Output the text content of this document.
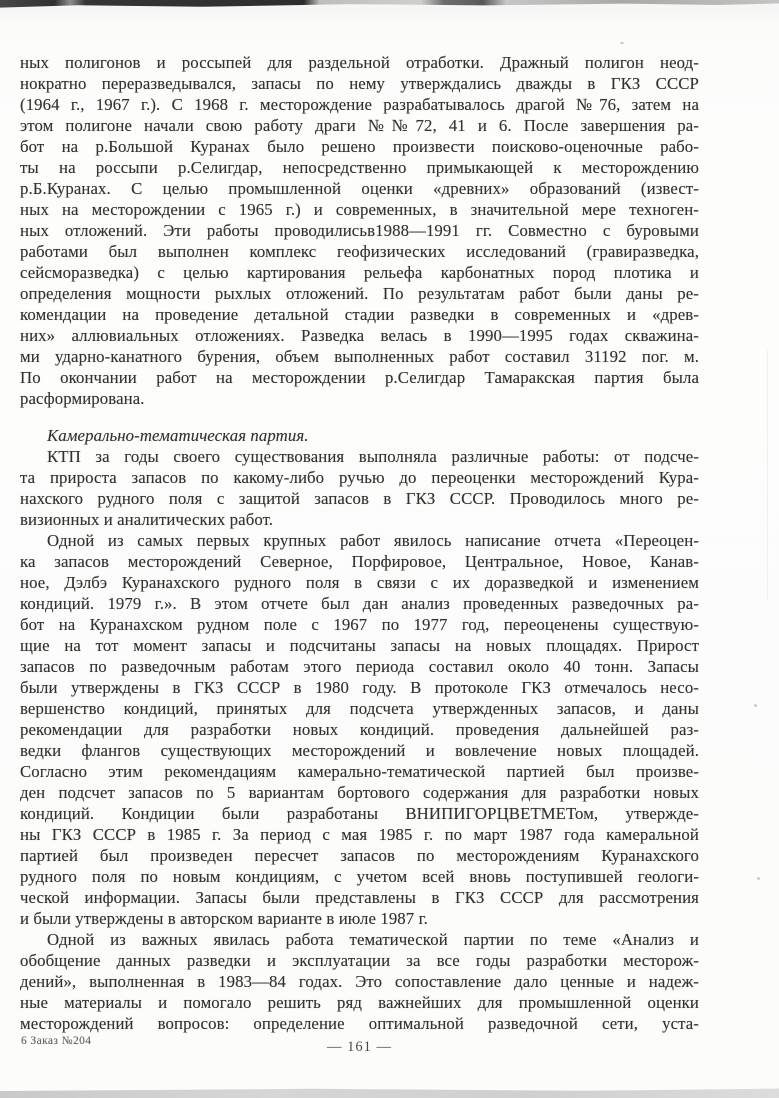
ных полигонов и россыпей для раздельной отработки. Дражный полигон неод-
нократно переразведывался, запасы по нему утверждались дважды в ГКЗ СССР
(1964 г., 1967 г.). С 1968 г. месторождение разрабатывалось драгой №76, затем на
этом полигоне начали свою работу драги №№72, 41 и 6. После завершения ра-
бот на р.Большой Куранах было решено произвести поисково-оценочные рабо-
ты на россыпи р.Селигдар, непосредственно примыкающей к месторождению
р.Б.Куранах. С целью промышленной оценки «древних» образований (извест-
ных на месторождении с 1965 г.) и современных, в значительной мере техноген-
ных отложений. Эти работы проводилисьв1988—1991 гг. Совместно с буровыми
работами был выполнен комплекс геофизических исследований (гравиразведка,
сейсморазведка) с целью картирования рельефа карбонатных пород плотика и
определения мощности рыхлых отложений. По результатам работ были даны ре-
комендации на проведение детальной стадии разведки в современных и «древ-
них» аллювиальных отложениях. Разведка велась в 1990—1995 годах скважина-
ми ударно-канатного бурения, объем выполненных работ составил 31192 пог. м.
По окончании работ на месторождении р.Селигдар Тамаракская партия была
расформирована.
Камерально-тематическая партия.
КТП за годы своего существования выполняла различные работы: от подсче-
та прироста запасов по какому-либо ручью до переоценки месторождений Кура-
нахского рудного поля с защитой запасов в ГКЗ СССР. Проводилось много ре-
визионных и аналитических работ.
Одной из самых первых крупных работ явилось написание отчета «Переоцен-
ка запасов месторождений Северное, Порфировое, Центральное, Новое, Канав-
ное, Дэлбэ Куранахского рудного поля в связи с их доразведкой и изменением
кондиций. 1979 г.». В этом отчете был дан анализ проведенных разведочных ра-
бот на Куранахском рудном поле с 1967 по 1977 год, переоценены существую-
щие на тот момент запасы и подсчитаны запасы на новых площадях. Прирост
запасов по разведочным работам этого периода составил около 40 тонн. Запасы
были утверждены в ГКЗ СССР в 1980 году. В протоколе ГКЗ отмечалось несо-
вершенство кондиций, принятых для подсчета утвержденных запасов, и даны
рекомендации для разработки новых кондиций. проведения дальнейшей раз-
ведки флангов существующих месторождений и вовлечение новых площадей.
Согласно этим рекомендациям камерально-тематической партией был произве-
ден подсчет запасов по 5 вариантам бортового содержания для разработки новых
кондиций. Кондиции были разработаны ВНИПИГОРЦВЕТМЕТом, утвержде-
ны ГКЗ СССР в 1985 г. За период с мая 1985 г. по март 1987 года камеральной
партией был произведен пересчет запасов по месторождениям Куранахского
рудного поля по новым кондициям, с учетом всей вновь поступившей геологи-
ческой информации. Запасы были представлены в ГКЗ СССР для рассмотрения
и были утверждены в авторском варианте в июле 1987 г.
Одной из важных явилась работа тематической партии по теме «Анализ и
обобщение данных разведки и эксплуатации за все годы разработки месторож-
дений», выполненная в 1983—84 годах. Это сопоставление дало ценные и надеж-
ные материалы и помогало решить ряд важнейших для промышленной оценки
месторождений вопросов: определение оптимальной разведочной сети, уста-
6 Заказ №204	— 161 —
